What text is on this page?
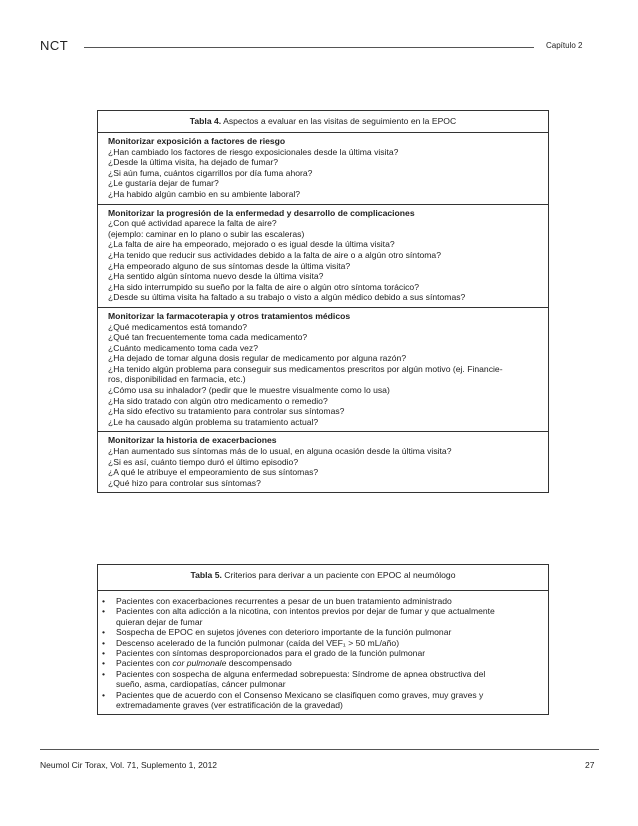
NCT	Capítulo 2
Tabla 4. Aspectos a evaluar en las visitas de seguimiento en la EPOC
Monitorizar exposición a factores de riesgo
¿Han cambiado los factores de riesgo exposicionales desde la última visita?
¿Desde la última visita, ha dejado de fumar?
¿Si aún fuma, cuántos cigarrillos por día fuma ahora?
¿Le gustaría dejar de fumar?
¿Ha habido algún cambio en su ambiente laboral?
Monitorizar la progresión de la enfermedad y desarrollo de complicaciones
¿Con qué actividad aparece la falta de aire?
(ejemplo: caminar en lo plano o subir las escaleras)
¿La falta de aire ha empeorado, mejorado o es igual desde la última visita?
¿Ha tenido que reducir sus actividades debido a la falta de aire o a algún otro síntoma?
¿Ha empeorado alguno de sus síntomas desde la última visita?
¿Ha sentido algún síntoma nuevo desde la última visita?
¿Ha sido interrumpido su sueño por la falta de aire o algún otro síntoma torácico?
¿Desde su última visita ha faltado a su trabajo o visto a algún médico debido a sus síntomas?
Monitorizar la farmacoterapia y otros tratamientos médicos
¿Qué medicamentos está tomando?
¿Qué tan frecuentemente toma cada medicamento?
¿Cuánto medicamento toma cada vez?
¿Ha dejado de tomar alguna dosis regular de medicamento por alguna razón?
¿Ha tenido algún problema para conseguir sus medicamentos prescritos por algún motivo (ej. Financie-
ros, disponibilidad en farmacia, etc.)
¿Cómo usa su inhalador? (pedir que le muestre visualmente como lo usa)
¿Ha sido tratado con algún otro medicamento o remedio?
¿Ha sido efectivo su tratamiento para controlar sus síntomas?
¿Le ha causado algún problema su tratamiento actual?
Monitorizar la historia de exacerbaciones
¿Han aumentado sus síntomas más de lo usual, en alguna ocasión desde la última visita?
¿Si es así, cuánto tiempo duró el último episodio?
¿A qué le atribuye el empeoramiento de sus síntomas?
¿Qué hizo para controlar sus síntomas?
Tabla 5. Criterios para derivar a un paciente con EPOC al neumólogo
•	Pacientes con exacerbaciones recurrentes a pesar de un buen tratamiento administrado
•	Pacientes con alta adicción a la nicotina, con intentos previos por dejar de fumar y que actualmente
quieran dejar de fumar
•	Sospecha de EPOC en sujetos jóvenes con deterioro importante de la función pulmonar
•	Descenso acelerado de la función pulmonar (caída del VEF₁ > 50 mL/año)
•	Pacientes con síntomas desproporcionados para el grado de la función pulmonar
•	Pacientes con cor pulmonale descompensado
•	Pacientes con sospecha de alguna enfermedad sobrepuesta: Síndrome de apnea obstructiva del
sueño, asma, cardiopatías, cáncer pulmonar
•	Pacientes que de acuerdo con el Consenso Mexicano se clasifiquen como graves, muy graves y
extremadamente graves (ver estratificación de la gravedad)
Neumol Cir Torax, Vol. 71, Suplemento 1, 2012	27
